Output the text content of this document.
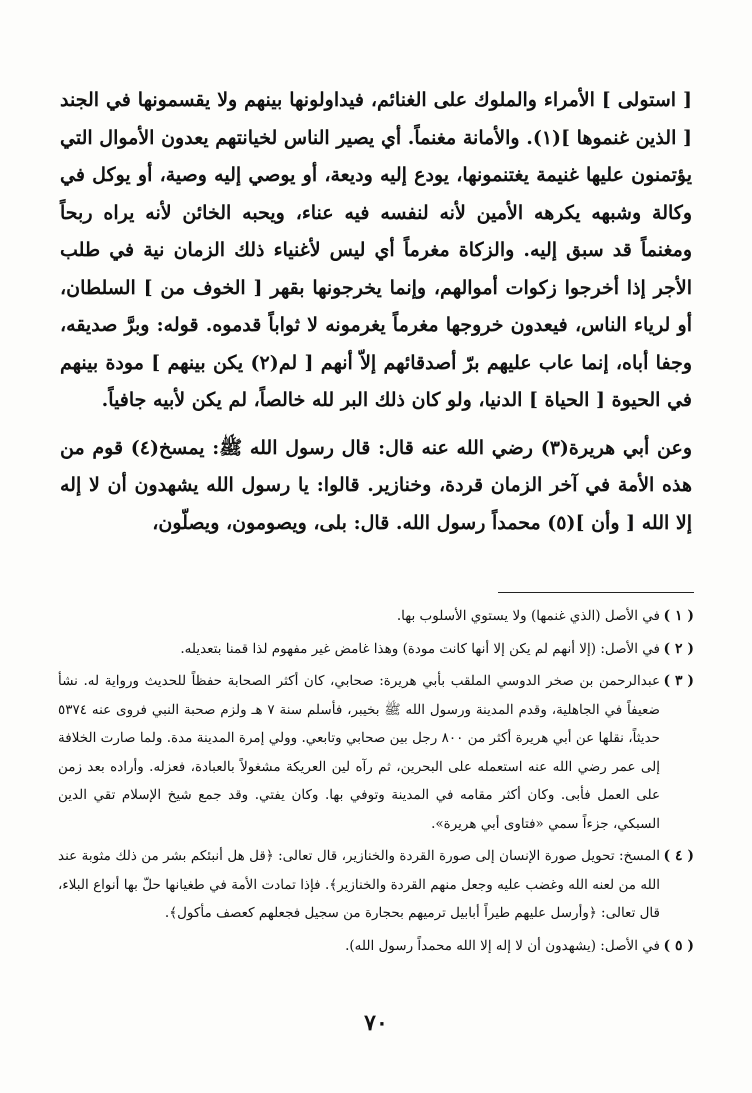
[ استولى ] الأمراء والملوك على الغنائم، فيداولونها بينهم ولا يقسمونها في الجند [ الذين غنموها ](١). والأمانة مغنماً. أي يصير الناس لخيانتهم يعدون الأموال التي يؤتمنون عليها غنيمة يغتنمونها، يودع إليه وديعة، أو يوصي إليه وصية، أو يوكل في وكالة وشبهه يكرهه الأمين لأنه لنفسه فيه عناء، ويحبه الخائن لأنه يراه ربحاً ومغنماً قد سبق إليه. والزكاة مغرماً أي ليس لأغنياء ذلك الزمان نية في طلب الأجر إذا أخرجوا زكوات أموالهم، وإنما يخرجونها بقهر [ الخوف من ] السلطان، أو لرياء الناس، فيعدون خروجها مغرماً يغرمونه لا ثواباً قدموه. قوله: وبرَّ صديقه، وجفا أباه، إنما عاب عليهم برّ أصدقائهم إلاّ أنهم [ لم(٢) يكن بينهم ] مودة بينهم في الحيوة [ الحياة ] الدنيا، ولو كان ذلك البر لله خالصاً، لم يكن لأبيه جافياً.

وعن أبي هريرة(٣) رضي الله عنه قال: قال رسول الله ﷺ: يمسخ(٤) قوم من هذه الأمة في آخر الزمان قردة، وخنازير. قالوا: يا رسول الله يشهدون أن لا إله إلا الله [ وأن ](٥) محمداً رسول الله. قال: بلى، ويصومون، ويصلّون،

( ١ )
في الأصل (الذي غنمها) ولا يستوي الأسلوب بها.
( ٢ )
في الأصل: (إلا أنهم لم يكن إلا أنها كانت مودة) وهذا غامض غير مفهوم لذا قمنا بتعديله.
( ٣ )
عبدالرحمن بن صخر الدوسي الملقب بأبي هريرة: صحابي، كان أكثر الصحابة حفظاً للحديث ورواية له. نشأ ضعيفاً في الجاهلية، وقدم المدينة ورسول الله ﷺ بخيبر، فأسلم سنة ٧ هـ ولزم صحبة النبي فروى عنه ٥٣٧٤ حديثاً، نقلها عن أبي هريرة أكثر من ٨٠٠ رجل بين صحابي وتابعي. وولي إمرة المدينة مدة. ولما صارت الخلافة إلى عمر رضي الله عنه استعمله على البحرين، ثم رآه لين العريكة مشغولاً بالعبادة، فعزله. وأراده بعد زمن على العمل فأبى. وكان أكثر مقامه في المدينة وتوفي بها. وكان يفتي. وقد جمع شيخ الإسلام تقي الدين السبكي، جزءاً سمي «فتاوى أبي هريرة».
( ٤ )
المسخ: تحويل صورة الإنسان إلى صورة القردة والخنازير، قال تعالى: ﴿قل هل أنبئكم بشر من ذلك مثوبة عند الله من لعنه الله وغضب عليه وجعل منهم القردة والخنازير﴾. فإذا تمادت الأمة في طغيانها حلّ بها أنواع البلاء، قال تعالى: ﴿وأرسل عليهم طيراً أبابيل ترميهم بحجارة من سجيل فجعلهم كعصف مأكول﴾.
( ٥ )
في الأصل: (يشهدون أن لا إله إلا الله محمداً رسول الله).
٧٠
